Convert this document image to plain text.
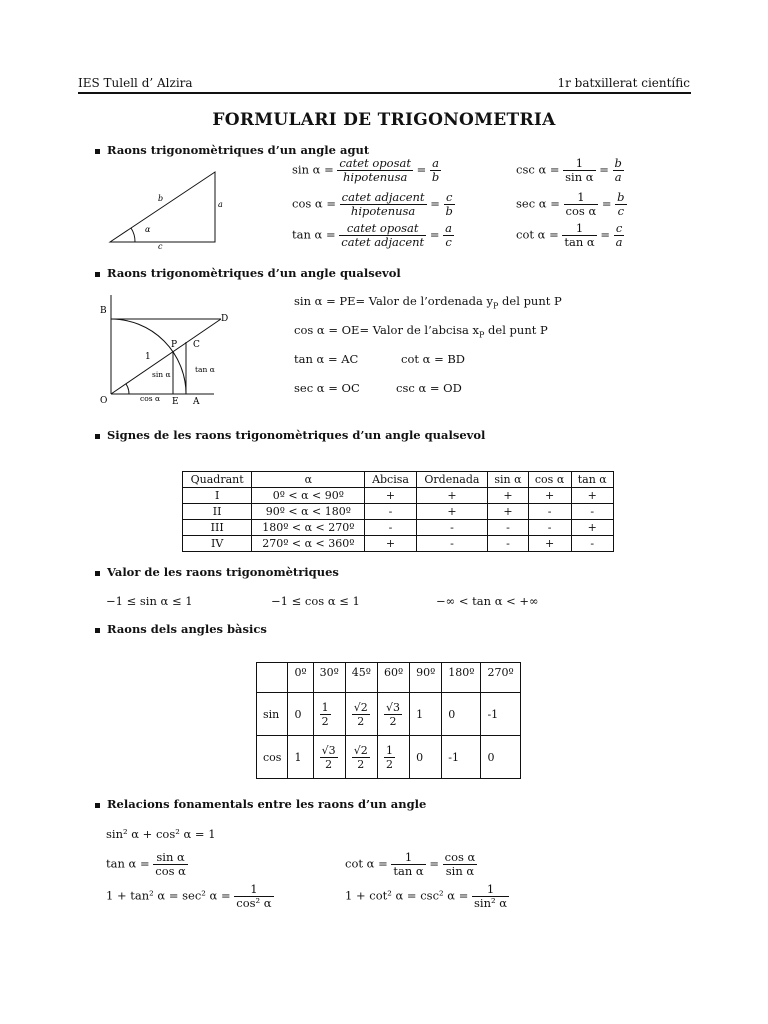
IES Tulell d’ Alzira	1r batxillerat científic
FORMULARI DE TRIGONOMETRIA
Raons trigonomètriques d’un angle agut
b
a
c
α
sin α = catet oposat
hipotenusa
= $\frac{a}{b}$
cos α = catet adjacent
hipotenusa
= $\frac{c}{b}$
tan α = catet oposat
catet adjacent
= $\frac{a}{c}$
$\csc \alpha = \frac{1}{\text{sin α}} = \frac{b}{a}$
$\sec \alpha = \frac{1}{\text{cos α}} = \frac{b}{c}$
$\cot \alpha = \frac{1}{\text{tan α}} = \frac{c}{a}$
Raons trigonomètriques d’un angle qualsevol
B
D
P C
1
sin α
tan α
O	cos α E A
sin α = PE= Valor de l’ordenada $y_P$ del punt P
cos α = OE= Valor de l’abcisa $x_P$ del punt P
tan α = AC	cot α = BD
sec α = OC	csc α = OD
Signes de les raons trigonomètriques d’un angle qualsevol
Quadrant	α	Abcisa	Ordenada	sin α	cos α	tan α
I	0º < α < 90º	+	+	+	+	+
II	90º < α < 180º	-	+	+	-	-
III	180º < α < 270º	-	-	-	-	+
IV	270º < α < 360º	+	-	-	+	-
Valor de les raons trigonomètriques
−1 ≤ sin α ≤ 1	−1 ≤ cos α ≤ 1	−∞ < tan α < +∞
Raons dels angles bàsics
	0º	30º	45º	60º	90º	180º	270º
sin	0	$\frac{1}{2}$	$\frac{√2}{2}$	$\frac{√3}{2}$	1	0	-1
cos	1	$\frac{√3}{2}$	$\frac{√2}{2}$	$\frac{1}{2}$	0	-1	0
Relacions fonamentals entre les raons d’un angle
sin² α + cos² α = 1
$\tan \alpha = \frac{\text{sin α}}{\text{cos α}}$	$\cot \alpha = \frac{1}{\text{tan α}} = \frac{\text{cos α}}{\text{sin α}}$
1 + tan² α = sec² $\alpha = \frac{1}{\text{cos² α}}$	1 + cot² α = csc² $\alpha = \frac{1}{\text{sin² α}}$
